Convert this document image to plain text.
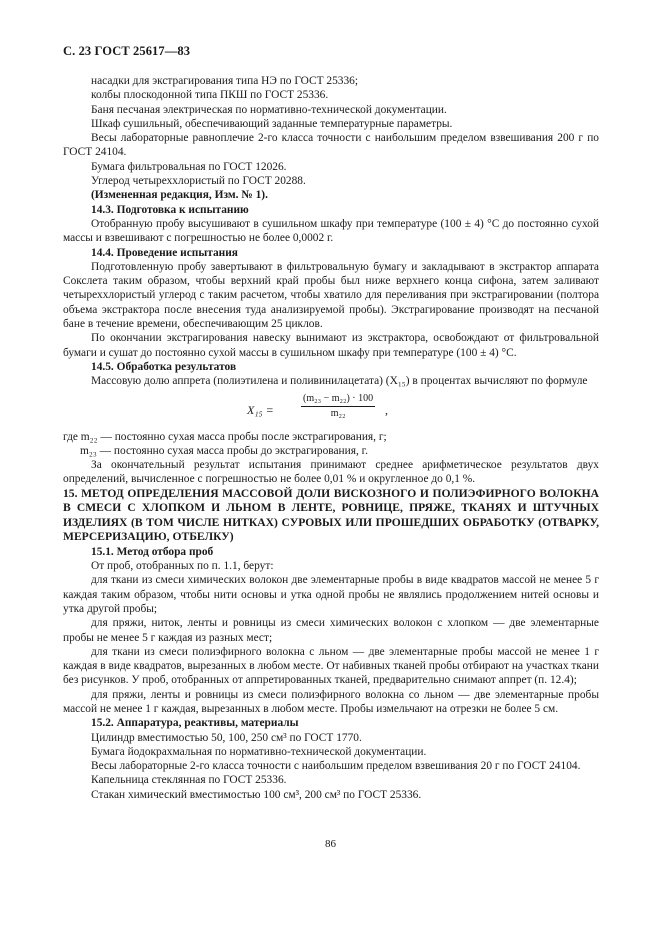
С. 23 ГОСТ 25617—83

насадки для экстрагирования типа НЭ по ГОСТ 25336;

колбы плоскодонной типа ПКШ по ГОСТ 25336.

Баня песчаная электрическая по нормативно-технической документации.

Шкаф сушильный, обеспечивающий заданные температурные параметры.

Весы лабораторные равноплечие 2-го класса точности с наибольшим пределом взвешивания 200 г по ГОСТ 24104.

Бумага фильтровальная по ГОСТ 12026.

Углерод четыреххлористый по ГОСТ 20288.

(Измененная редакция, Изм. № 1).

14.3. Подготовка к испытанию

Отобранную пробу высушивают в сушильном шкафу при температуре (100 ± 4) °С до постоянно сухой массы и взвешивают с погрешностью не более 0,0002 г.

14.4. Проведение испытания

Подготовленную пробу завертывают в фильтровальную бумагу и закладывают в экстрактор аппарата Сокслета таким образом, чтобы верхний край пробы был ниже верхнего конца сифона, затем заливают четыреххлористый углерод с таким расчетом, чтобы хватило для переливания при экстрагировании (полтора объема экстрактора после внесения туда анализируемой пробы). Экстрагирование производят на песчаной бане в течение времени, обеспечивающим 25 циклов.

По окончании экстрагирования навеску вынимают из экстрактора, освобождают от фильтровальной бумаги и сушат до постоянно сухой массы в сушильном шкафу при температуре (100 ± 4) °С.

14.5. Обработка результатов

Массовую долю аппрета (полиэтилена и поливинилацетата) (X₁₅) в процентах вычисляют по формуле

X₁₅ =	$\frac{\text{(m₂₃ − m₂₂) · 100}}{\text{m₂₂}}$ ,

где m₂₂ — постоянно сухая масса пробы после экстрагирования, г;

m₂₃ — постоянно сухая масса пробы до экстрагирования, г.

За окончательный результат испытания принимают среднее арифметическое результатов двух определений, вычисленное с погрешностью не более 0,01 % и округленное до 0,1 %.

15. МЕТОД ОПРЕДЕЛЕНИЯ МАССОВОЙ ДОЛИ ВИСКОЗНОГО И ПОЛИЭФИРНОГО ВОЛОКНА В СМЕСИ С ХЛОПКОМ И ЛЬНОМ В ЛЕНТЕ, РОВНИЦЕ, ПРЯЖЕ, ТКАНЯХ И ШТУЧНЫХ ИЗДЕЛИЯХ (В ТОМ ЧИСЛЕ НИТКАХ) СУРОВЫХ ИЛИ ПРОШЕДШИХ ОБРАБОТКУ (ОТВАРКУ, МЕРСЕРИЗАЦИЮ, ОТБЕЛКУ)

15.1. Метод отбора проб

От проб, отобранных по п. 1.1, берут:

для ткани из смеси химических волокон две элементарные пробы в виде квадратов массой не менее 5 г каждая таким образом, чтобы нити основы и утка одной пробы не являлись продолжением нитей основы и утка другой пробы;

для пряжи, ниток, ленты и ровницы из смеси химических волокон с хлопком — две элементарные пробы не менее 5 г каждая из разных мест;

для ткани из смеси полиэфирного волокна с льном — две элементарные пробы массой не менее 1 г каждая в виде квадратов, вырезанных в любом месте. От набивных тканей пробы отбирают на участках ткани без рисунков. У проб, отобранных от аппретированных тканей, предварительно снимают аппрет (п. 12.4);

для пряжи, ленты и ровницы из смеси полиэфирного волокна со льном — две элементарные пробы массой не менее 1 г каждая, вырезанных в любом месте. Пробы измельчают на отрезки не более 5 см.

15.2. Аппаратура, реактивы, материалы

Цилиндр вместимостью 50, 100, 250 см³ по ГОСТ 1770.

Бумага йодокрахмальная по нормативно-технической документации.

Весы лабораторные 2-го класса точности с наибольшим пределом взвешивания 20 г по ГОСТ 24104.

Капельница стеклянная по ГОСТ 25336.

Стакан химический вместимостью 100 см³, 200 см³ по ГОСТ 25336.

86
